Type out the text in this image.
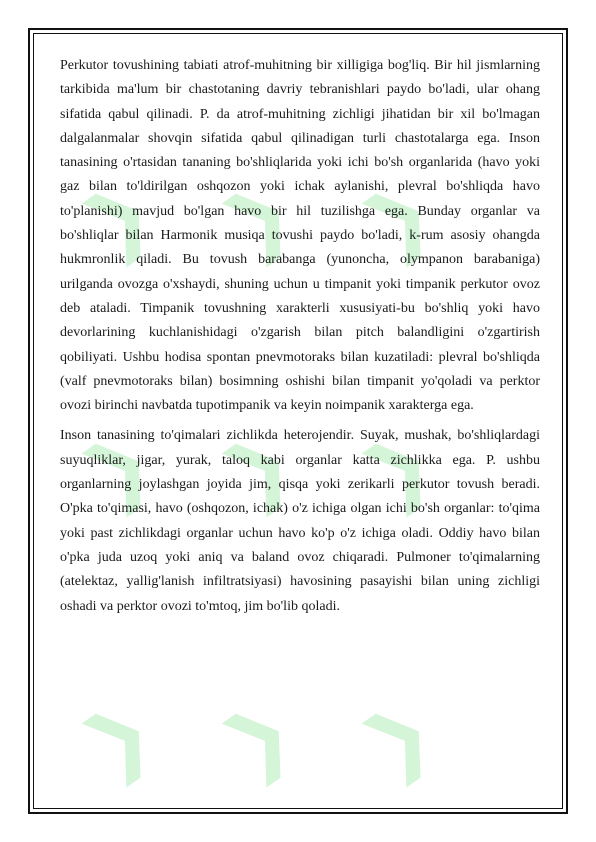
❯ ❯ ❯
❯ ❯ ❯
❯ ❯ ❯

Perkutor tovushining tabiati atrof-muhitning bir xilligiga bog'liq. Bir hil jismlarning tarkibida ma'lum bir chastotaning davriy tebranishlari paydo bo'ladi, ular ohang sifatida qabul qilinadi. P. da atrof-muhitning zichligi jihatidan bir xil bo'lmagan dalgalanmalar shovqin sifatida qabul qilinadigan turli chastotalarga ega. Inson tanasining o'rtasidan tananing bo'shliqlarida yoki ichi bo'sh organlarida (havo yoki gaz bilan to'ldirilgan oshqozon yoki ichak aylanishi, plevral bo'shliqda havo to'planishi) mavjud bo'lgan havo bir hil tuzilishga ega. Bunday organlar va bo'shliqlar bilan Harmonik musiqa tovushi paydo bo'ladi, k-rum asosiy ohangda hukmronlik qiladi. Bu tovush barabanga (yunoncha, olympanon barabaniga) urilganda ovozga o'xshaydi, shuning uchun u timpanit yoki timpanik perkutor ovoz deb ataladi. Timpanik tovushning xarakterli xususiyati-bu bo'shliq yoki havo devorlarining kuchlanishidagi o'zgarish bilan pitch balandligini o'zgartirish qobiliyati. Ushbu hodisa spontan pnevmotoraks bilan kuzatiladi: plevral bo'shliqda (valf pnevmotoraks bilan) bosimning oshishi bilan timpanit yo'qoladi va perktor ovozi birinchi navbatda tupotimpanik va keyin noimpanik xarakterga ega.

Inson tanasining to'qimalari zichlikda heterojendir. Suyak, mushak, bo'shliqlardagi suyuqliklar, jigar, yurak, taloq kabi organlar katta zichlikka ega. P. ushbu organlarning joylashgan joyida jim, qisqa yoki zerikarli perkutor tovush beradi. O'pka to'qimasi, havo (oshqozon, ichak) o'z ichiga olgan ichi bo'sh organlar: to'qima yoki past zichlikdagi organlar uchun havo ko'p o'z ichiga oladi. Oddiy havo bilan o'pka juda uzoq yoki aniq va baland ovoz chiqaradi. Pulmoner to'qimalarning (atelektaz, yallig'lanish infiltratsiyasi) havosining pasayishi bilan uning zichligi oshadi va perktor ovozi to'mtoq, jim bo'lib qoladi.
